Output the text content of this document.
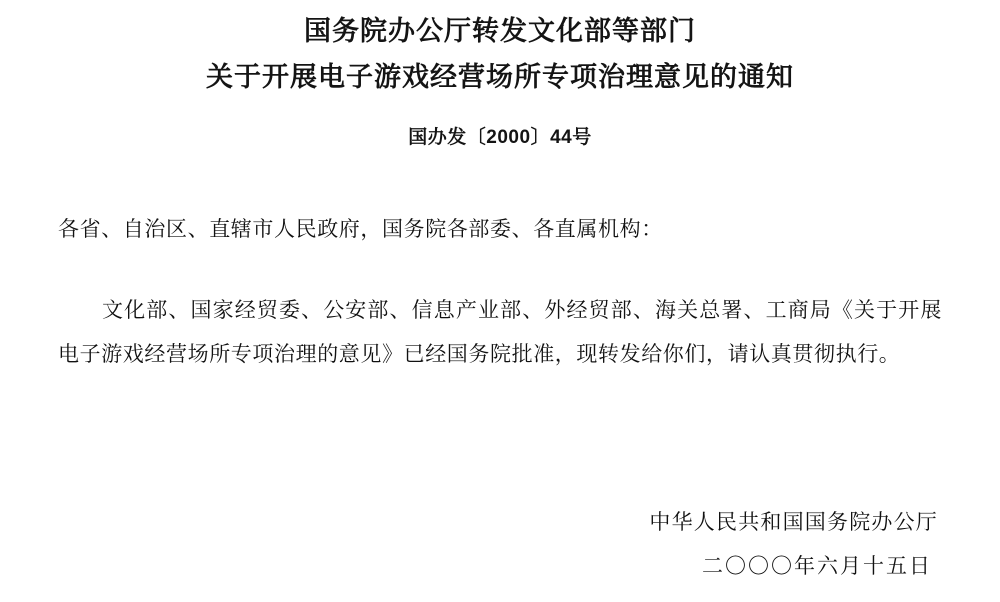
国务院办公厅转发文化部等部门
关于开展电子游戏经营场所专项治理意见的通知
国办发〔2000〕44号
各省、自治区、直辖市人民政府，国务院各部委、各直属机构：
文化部、国家经贸委、公安部、信息产业部、外经贸部、海关总署、工商局《关于开展电子游戏经营场所专项治理的意见》已经国务院批准，现转发给你们，请认真贯彻执行。
中华人民共和国国务院办公厅
二〇〇〇年六月十五日
